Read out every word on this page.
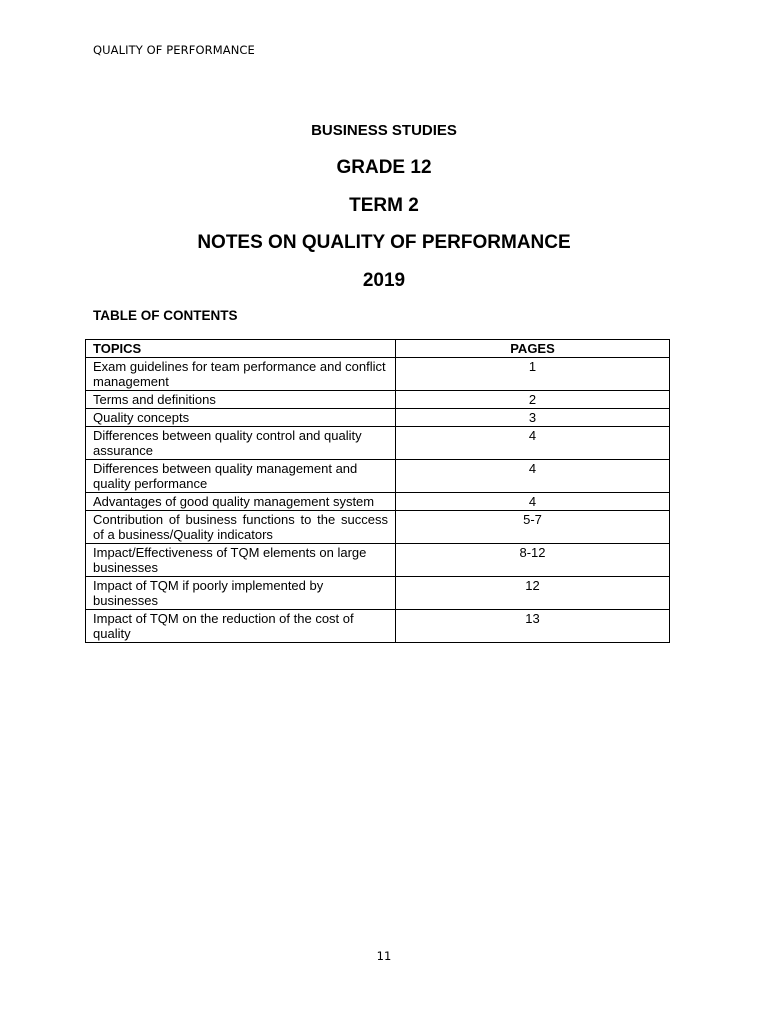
QUALITY OF PERFORMANCE
BUSINESS STUDIES
GRADE 12
TERM 2
NOTES ON QUALITY OF PERFORMANCE
2019
TABLE OF CONTENTS
TOPICS	PAGES
Exam guidelines for team performance and conflict management	1
Terms and definitions	2
Quality concepts	3
Differences between quality control and quality assurance	4
Differences between quality management and quality performance	4
Advantages of good quality management system	4
Contribution of business functions to the success of a business/Quality indicators	5-7
Impact/Effectiveness of TQM elements on large businesses	8-12
Impact of TQM if poorly implemented by businesses	12
Impact of TQM on the reduction of the cost of quality	13
11
